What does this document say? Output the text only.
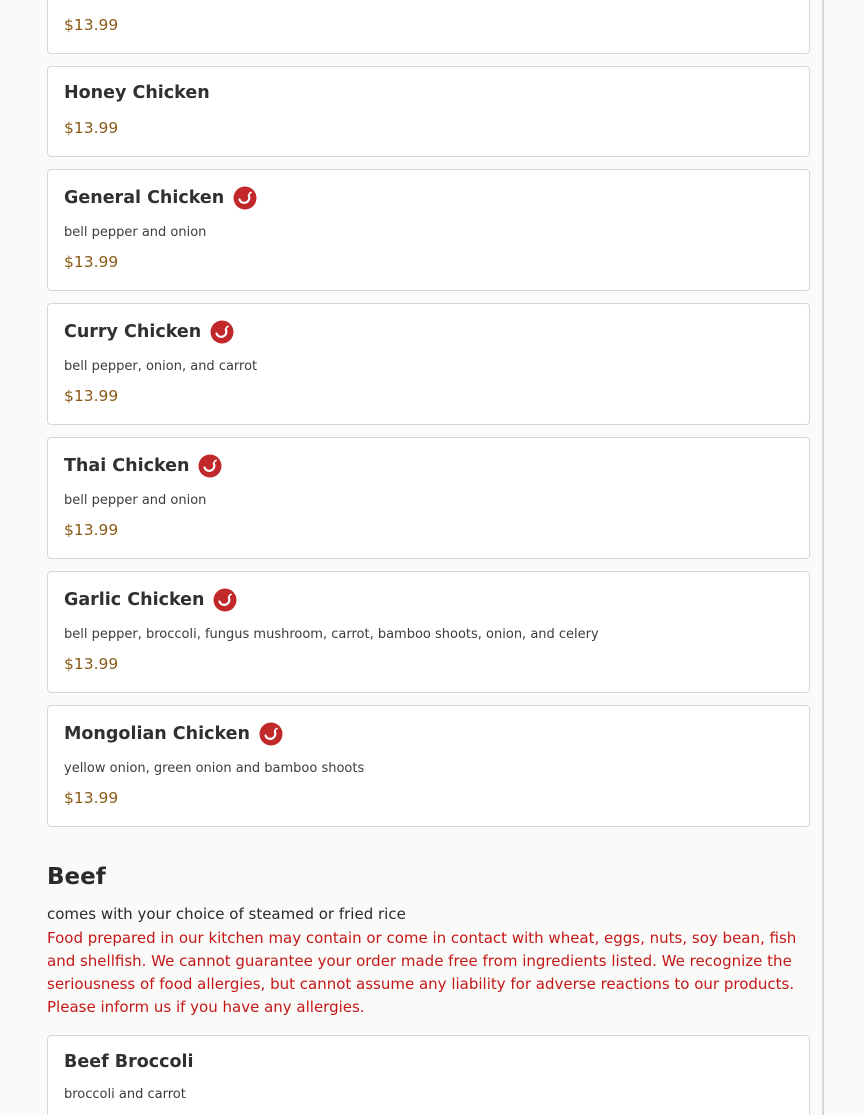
$13.99
Honey Chicken
$13.99
General Chicken
bell pepper and onion
$13.99
Curry Chicken
bell pepper, onion, and carrot
$13.99
Thai Chicken
bell pepper and onion
$13.99
Garlic Chicken
bell pepper, broccoli, fungus mushroom, carrot, bamboo shoots, onion, and celery
$13.99
Mongolian Chicken
yellow onion, green onion and bamboo shoots
$13.99
Beef
comes with your choice of steamed or fried rice
Food prepared in our kitchen may contain or come in contact with wheat, eggs, nuts, soy bean, fish and shellfish. We cannot guarantee your order made free from ingredients listed. We recognize the seriousness of food allergies, but cannot assume any liability for adverse reactions to our products. Please inform us if you have any allergies.
Beef Broccoli
broccoli and carrot
